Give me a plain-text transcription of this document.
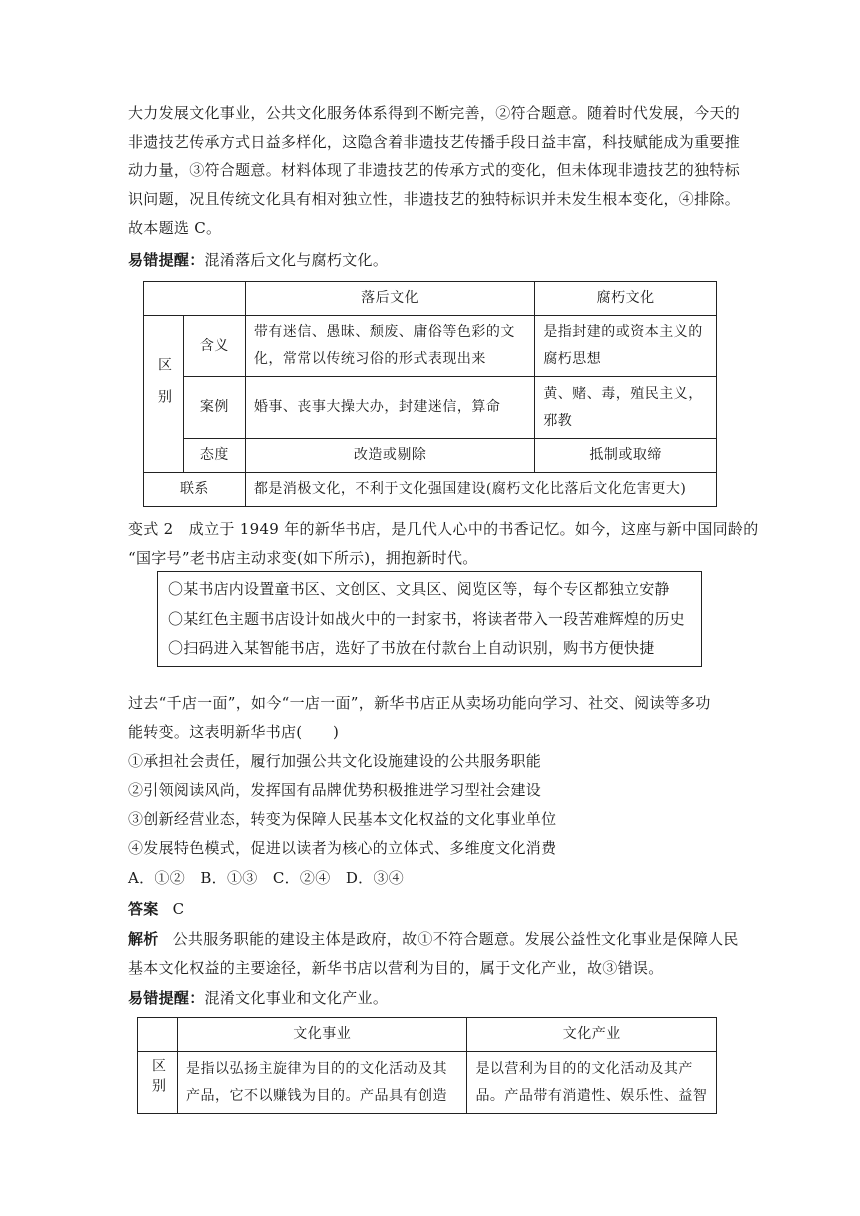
大力发展文化事业，公共文化服务体系得到不断完善，②符合题意。随着时代发展，今天的
非遗技艺传承方式日益多样化，这隐含着非遗技艺传播手段日益丰富，科技赋能成为重要推
动力量，③符合题意。材料体现了非遗技艺的传承方式的变化，但未体现非遗技艺的独特标
识问题，况且传统文化具有相对独立性，非遗技艺的独特标识并未发生根本变化，④排除。
故本题选 C。
易错提醒：混淆落后文化与腐朽文化。
		落后文化	腐朽文化
区别	含义	带有迷信、愚昧、颓废、庸俗等色彩的文化，常常以传统习俗的形式表现出来	是指封建的或资本主义的腐朽思想
	案例	婚事、丧事大操大办，封建迷信，算命	黄、赌、毒，殖民主义，邪教
	态度	改造或剔除	抵制或取缔
联系		都是消极文化，不利于文化强国建设(腐朽文化比落后文化危害更大)	
变式 2　成立于 1949 年的新华书店，是几代人心中的书香记忆。如今，这座与新中国同龄的
“国字号”老书店主动求变(如下所示)，拥抱新时代。
〇某书店内设置童书区、文创区、文具区、阅览区等，每个专区都独立安静
〇某红色主题书店设计如战火中的一封家书，将读者带入一段苦难辉煌的历史
〇扫码进入某智能书店，选好了书放在付款台上自动识别，购书方便快捷
过去“千店一面”，如今“一店一面”，新华书店正从卖场功能向学习、社交、阅读等多功
能转变。这表明新华书店(　　)
①承担社会责任，履行加强公共文化设施建设的公共服务职能
②引领阅读风尚，发挥国有品牌优势积极推进学习型社会建设
③创新经营业态，转变为保障人民基本文化权益的文化事业单位
④发展特色模式，促进以读者为核心的立体式、多维度文化消费
A．①②　B．①③　C．②④　D．③④
答案 C
解析 公共服务职能的建设主体是政府，故①不符合题意。发展公益性文化事业是保障人民
基本文化权益的主要途径，新华书店以营利为目的，属于文化产业，故③错误。
易错提醒：混淆文化事业和文化产业。
	文化事业	文化产业
区别	是指以弘扬主旋律为目的的文化活动及其产品，它不以赚钱为目的。产品具有创造	是以营利为目的的文化活动及其产品。产品带有消遣性、娱乐性、益智
